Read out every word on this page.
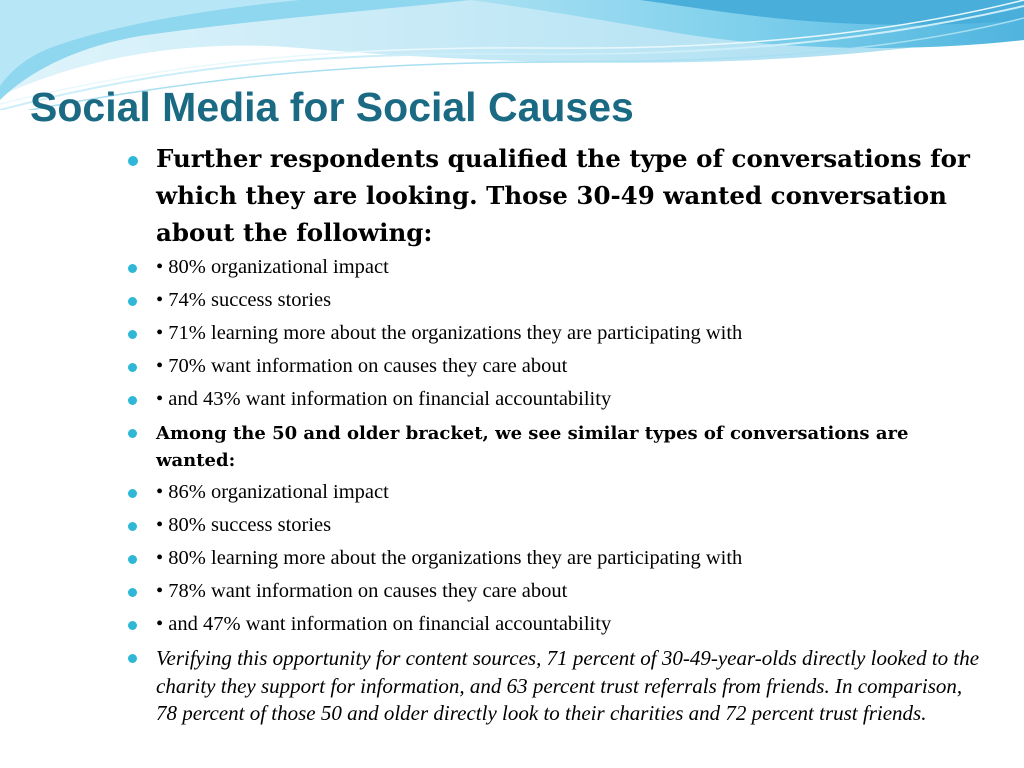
Social Media for Social Causes
Further respondents qualified the type of conversations for which they are looking. Those 30-49 wanted conversation about the following:
• 80% organizational impact
• 74% success stories
• 71% learning more about the organizations they are participating with
• 70% want information on causes they care about
• and 43% want information on financial accountability
Among the 50 and older bracket, we see similar types of conversations are wanted:
• 86% organizational impact
• 80% success stories
• 80% learning more about the organizations they are participating with
• 78% want information on causes they care about
• and 47% want information on financial accountability
Verifying this opportunity for content sources, 71 percent of 30-49-year-olds directly looked to the charity they support for information, and 63 percent trust referrals from friends. In comparison, 78 percent of those 50 and older directly look to their charities and 72 percent trust friends.
